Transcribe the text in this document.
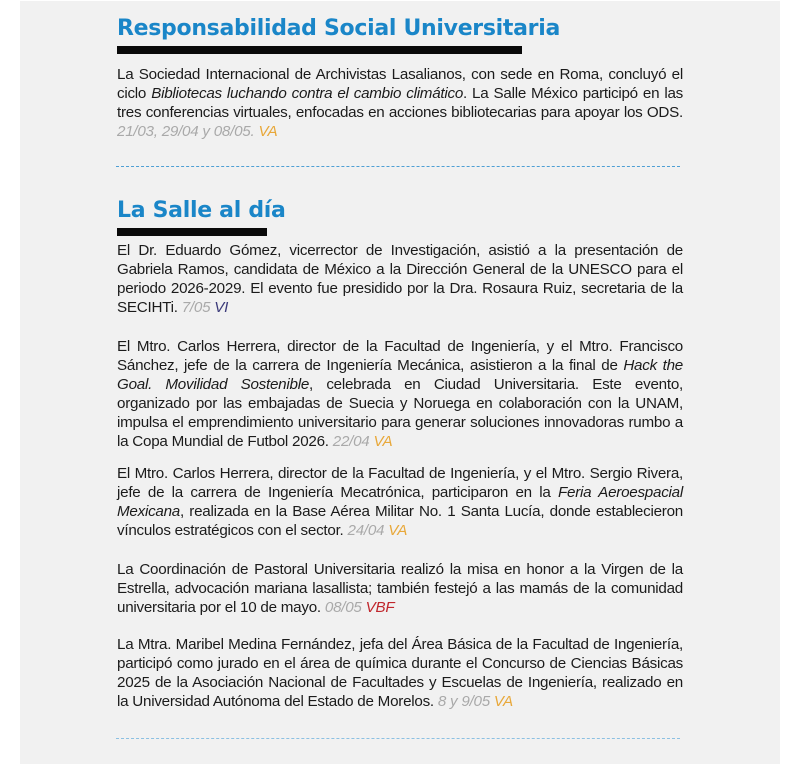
Responsabilidad Social Universitaria

La Sociedad Internacional de Archivistas Lasalianos, con sede en Roma, concluyó el ciclo Bibliotecas luchando contra el cambio climático. La Salle México participó en las tres conferencias virtuales, enfocadas en acciones bibliotecarias para apoyar los ODS. 21/03, 29/04 y 08/05. VA

La Salle al día

El Dr. Eduardo Gómez, vicerrector de Investigación, asistió a la presentación de Gabriela Ramos, candidata de México a la Dirección General de la UNESCO para el periodo 2026-2029. El evento fue presidido por la Dra. Rosaura Ruiz, secretaria de la SECIHTi. 7/05 VI

El Mtro. Carlos Herrera, director de la Facultad de Ingeniería, y el Mtro. Francisco Sánchez, jefe de la carrera de Ingeniería Mecánica, asistieron a la final de Hack the Goal. Movilidad Sostenible, celebrada en Ciudad Universitaria. Este evento, organizado por las embajadas de Suecia y Noruega en colaboración con la UNAM, impulsa el emprendimiento universitario para generar soluciones innovadoras rumbo a la Copa Mundial de Futbol 2026. 22/04 VA

El Mtro. Carlos Herrera, director de la Facultad de Ingeniería, y el Mtro. Sergio Rivera, jefe de la carrera de Ingeniería Mecatrónica, participaron en la Feria Aeroespacial Mexicana, realizada en la Base Aérea Militar No. 1 Santa Lucía, donde establecieron vínculos estratégicos con el sector. 24/04 VA

La Coordinación de Pastoral Universitaria realizó la misa en honor a la Virgen de la Estrella, advocación mariana lasallista; también festejó a las mamás de la comunidad universitaria por el 10 de mayo. 08/05 VBF

La Mtra. Maribel Medina Fernández, jefa del Área Básica de la Facultad de Ingeniería, participó como jurado en el área de química durante el Concurso de Ciencias Básicas 2025 de la Asociación Nacional de Facultades y Escuelas de Ingeniería, realizado en la Universidad Autónoma del Estado de Morelos. 8 y 9/05 VA
